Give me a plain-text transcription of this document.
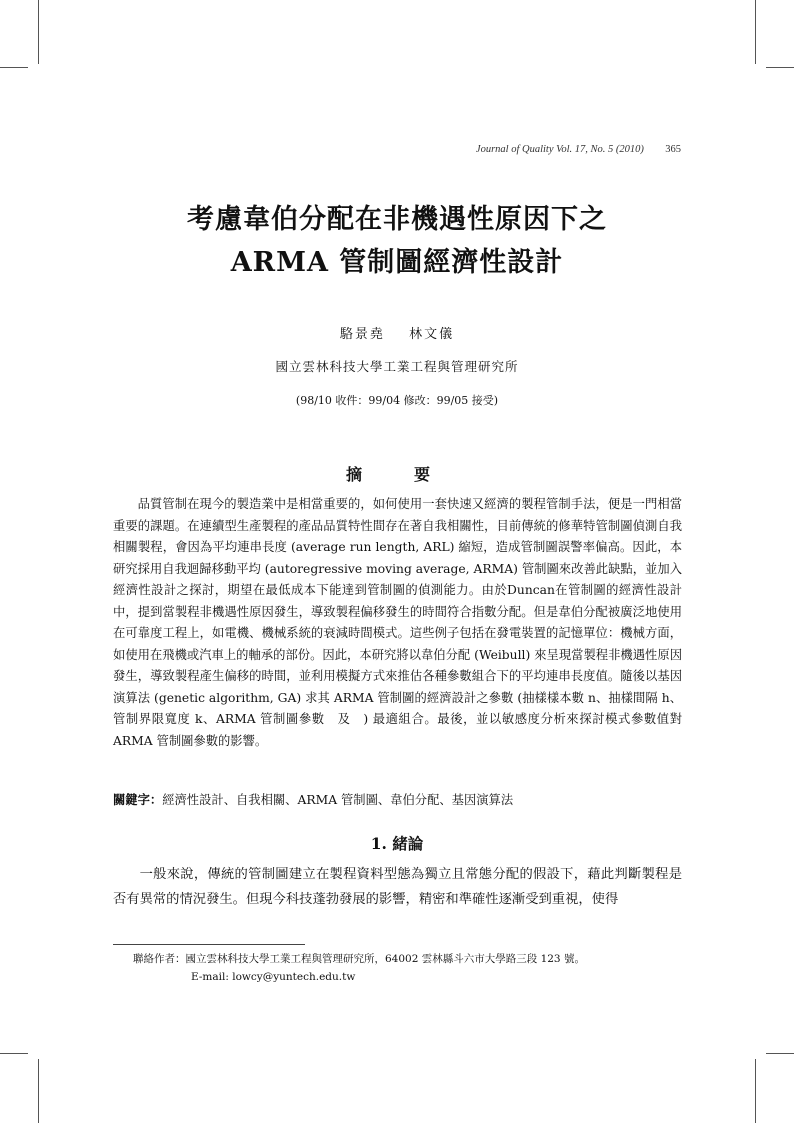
Journal of Quality Vol. 17, No. 5 (2010) 365
考慮韋伯分配在非機遇性原因下之
ARMA 管制圖經濟性設計
駱景堯 林文儀
國立雲林科技大學工業工程與管理研究所
(98/10 收件：99/04 修改：99/05 接受)
摘　要

品質管制在現今的製造業中是相當重要的，如何使用一套快速又經濟的製程管制手法，便是一門相當重要的課題。在連續型生產製程的產品品質特性間存在著自我相關性，目前傳統的修華特管制圖偵測自我相關製程，會因為平均連串長度 (average run length, ARL) 縮短，造成管制圖誤警率偏高。因此，本研究採用自我迴歸移動平均 (autoregressive moving average, ARMA) 管制圖來改善此缺點，並加入經濟性設計之探討，期望在最低成本下能達到管制圖的偵測能力。由於Duncan在管制圖的經濟性設計中，提到當製程非機遇性原因發生，導致製程偏移發生的時間符合指數分配。但是韋伯分配被廣泛地使用在可靠度工程上，如電機、機械系統的衰減時間模式。這些例子包括在發電裝置的記憶單位：機械方面，如使用在飛機或汽車上的軸承的部份。因此，本研究將以韋伯分配 (Weibull) 來呈現當製程非機遇性原因發生，導致製程產生偏移的時間，並利用模擬方式來推估各種參數組合下的平均連串長度值。隨後以基因演算法 (genetic algorithm, GA) 求其 ARMA 管制圖的經濟設計之參數 (抽樣樣本數 n、抽樣間隔 h、管制界限寬度 k、ARMA 管制圖參數　及　) 最適組合。最後，並以敏感度分析來探討模式參數值對 ARMA 管制圖參數的影響。

關鍵字：經濟性設計、自我相關、ARMA 管制圖、韋伯分配、基因演算法

1. 緒論

一般來說，傳統的管制圖建立在製程資料型態為獨立且常態分配的假設下，藉此判斷製程是否有異常的情況發生。但現今科技蓬勃發展的影響，精密和準確性逐漸受到重視，使得

聯絡作者：國立雲林科技大學工業工程與管理研究所，64002 雲林縣斗六市大學路三段 123 號。
E-mail: lowcy@yuntech.edu.tw
